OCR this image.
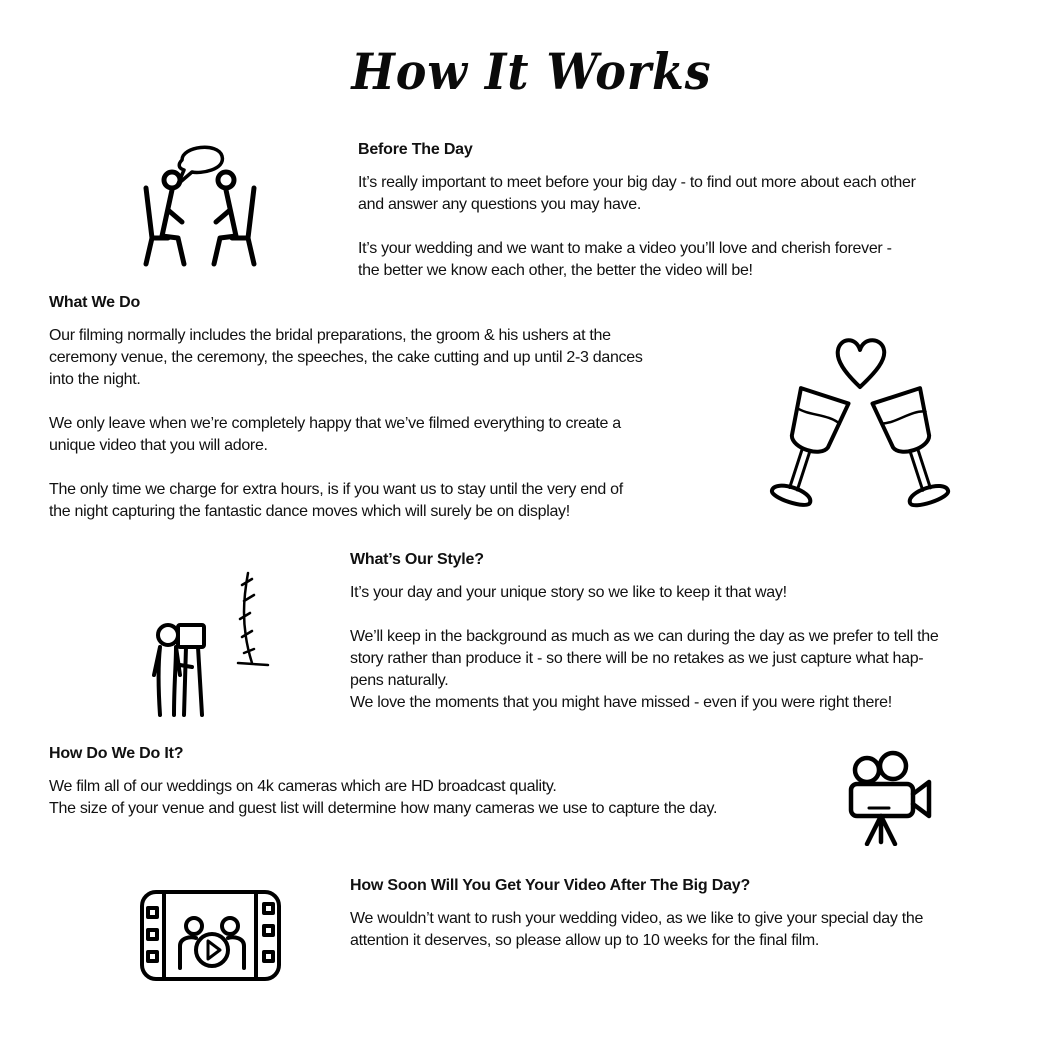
How It Works
Before The Day

It’s really important to meet before your big day - to find out more about each other
and answer any questions you may have.

It’s your wedding and we want to make a video you’ll love and cherish forever -
the better we know each other, the better the video will be!

What We Do

Our filming normally includes the bridal preparations, the groom & his ushers at the
ceremony venue, the ceremony, the speeches, the cake cutting and up until 2-3 dances
into the night.

We only leave when we’re completely happy that we’ve filmed everything to create a
unique video that you will adore.

The only time we charge for extra hours, is if you want us to stay until the very end of
the night capturing the fantastic dance moves which will surely be on display!

What’s Our Style?

It’s your day and your unique story so we like to keep it that way!

We’ll keep in the background as much as we can during the day as we prefer to tell the
story rather than produce it - so there will be no retakes as we just capture what hap-
pens naturally.
We love the moments that you might have missed - even if you were right there!

How Do We Do It?

We film all of our weddings on 4k cameras which are HD broadcast quality.
The size of your venue and guest list will determine how many cameras we use to capture the day.

How Soon Will You Get Your Video After The Big Day?

We wouldn’t want to rush your wedding video, as we like to give your special day the
attention it deserves, so please allow up to 10 weeks for the final film.
